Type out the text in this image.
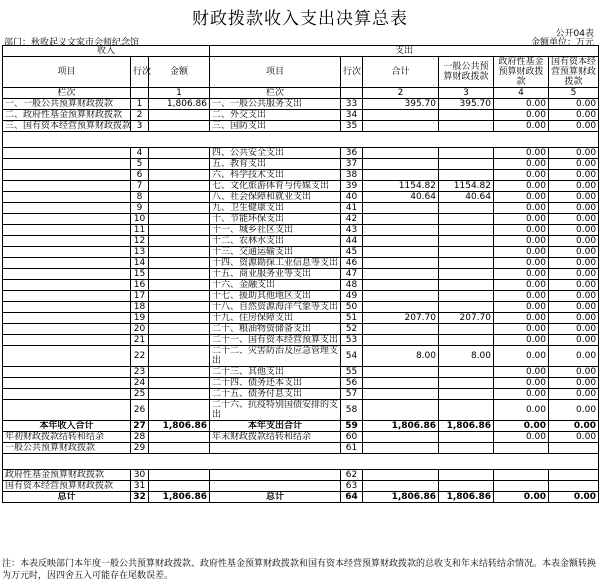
财政拨款收入支出决算总表
公开04表
部门：秋收起义文家市会师纪念馆	金额单位：万元
收入			支出					
项目	行次	金额	项目	行次	合计	一般公共预算财政拨款	政府性基金预算财政拨款	国有资本经营预算财政拨款
栏次		1	栏次		2	3	4	5
一、一般公共预算财政拨款	1	1,806.86	一、一般公共服务支出	33	395.70	395.70	0.00	0.00
二、政府性基金预算财政拨款	2		二、外交支出	34			0.00	0.00
三、国有资本经营预算财政拨款	3		三、国防支出	35			0.00	0.00

	4		四、公共安全支出	36			0.00	0.00
	5		五、教育支出	37			0.00	0.00
	6		六、科学技术支出	38			0.00	0.00
	7		七、文化旅游体育与传媒支出	39	1154.82	1154.82	0.00	0.00
	8		八、社会保障和就业支出	40	40.64	40.64	0.00	0.00
	9		九、卫生健康支出	41			0.00	0.00
	10		十、节能环保支出	42			0.00	0.00
	11		十一、城乡社区支出	43			0.00	0.00
	12		十二、农林水支出	44			0.00	0.00
	13		十三、交通运输支出	45			0.00	0.00
	14		十四、资源勘探工业信息等支出	46			0.00	0.00
	15		十五、商业服务业等支出	47			0.00	0.00
	16		十六、金融支出	48			0.00	0.00
	17		十七、援助其他地区支出	49			0.00	0.00
	18		十八、自然资源海洋气象等支出	50			0.00	0.00
	19		十九、住房保障支出	51	207.70	207.70	0.00	0.00
	20		二十、粮油物资储备支出	52			0.00	0.00
	21		二十一、国有资本经营预算支出	53			0.00	0.00
	22		二十二、灾害防治及应急管理支出	54	8.00	8.00	0.00	0.00
	23		二十三、其他支出	55			0.00	0.00
	24		二十四、债务还本支出	56			0.00	0.00
	25		二十五、债务付息支出	57			0.00	0.00
	26		二十六、抗疫特别国债安排的支出	58			0.00	0.00
本年收入合计	27	1,806.86	本年支出合计	59	1,806.86	1,806.86	0.00	0.00
年初财政拨款结转和结余	28		年末财政拨款结转和结余	60			0.00	0.00
一般公共预算财政拨款	29			61				

政府性基金预算财政拨款	30			62				
国有资本经营预算财政拨款	31			63				
总计	32	1,806.86	总计	64	1,806.86	1,806.86	0.00	0.00
注：本表反映部门本年度一般公共预算财政拨款、政府性基金预算财政拨款和国有资本经营预算财政拨款的总收支和年末结转结余情况。本表金额转换为万元时，因四舍五入可能存在尾数误差。
